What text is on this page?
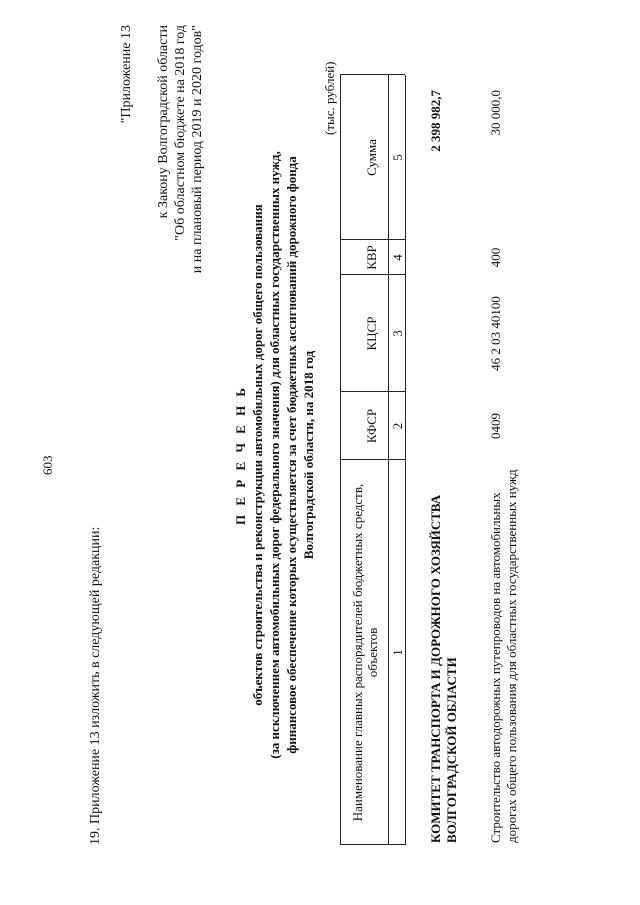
603
19. Приложение 13 изложить в следующей редакции:
"Приложение 13 к Закону Волгоградской области "Об областном бюджете на 2018 год и на плановый период 2019 и 2020 годов"
П Е Р Е Ч Е Н Ь объектов строительства и реконструкции автомобильных дорог общего пользования (за исключением автомобильных дорог федерального значения) для областных государственных нужд, финансовое обеспечение которых осуществляется за счет бюджетных ассигнований дорожного фонда Волгоградской области, на 2018 год
(тыс. рублей)
Наименование главных распорядителей бюджетных средств, объектов
КФСР
КЦСР
КВР
Сумма
1
2
3
4
5
КОМИТЕТ ТРАНСПОРТА И ДОРОЖНОГО ХОЗЯЙСТВА ВОЛГОГРАДСКОЙ ОБЛАСТИ
2 398 982,7
Строительство автодорожных путепроводов на автомобильных дорогах общего пользования для областных государственных нужд
0409
46 2 03 40100
400
30 000,0
